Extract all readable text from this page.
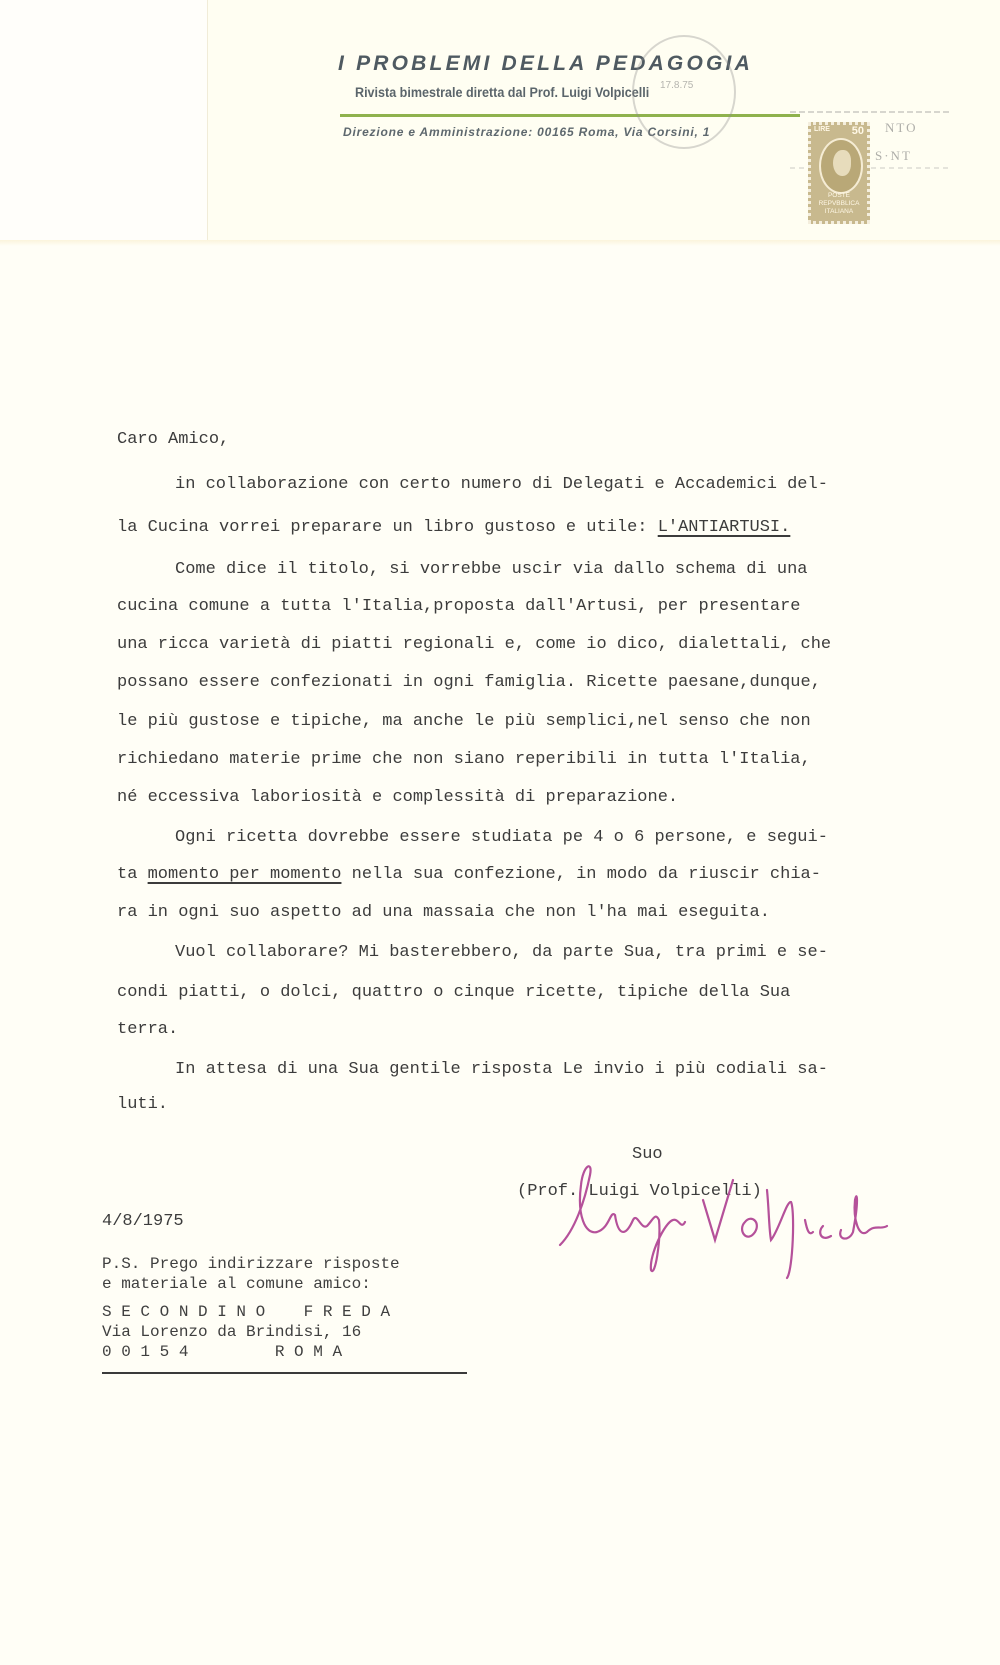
I PROBLEMI DELLA PEDAGOGIA
Rivista bimestrale diretta dal Prof. Luigi Volpicelli
Direzione e Amministrazione: 00165 Roma, Via Corsini, 1
17.8.75
NTO
S·NT
LIRE 50
POSTE
REPVBBLICA
ITALIANA
Caro Amico,
in collaborazione con certo numero di Delegati e Accademici del-
la Cucina vorrei preparare un libro gustoso e utile: L'ANTIARTUSI.
Come dice il titolo, si vorrebbe uscir via dallo schema di una
cucina comune a tutta l'Italia,proposta dall'Artusi, per presentare
una ricca varietà di piatti regionali e, come io dico, dialettali, che
possano essere confezionati in ogni famiglia. Ricette paesane,dunque,
le più gustose e tipiche, ma anche le più semplici,nel senso che non
richiedano materie prime che non siano reperibili in tutta l'Italia,
né eccessiva laboriosità e complessità di preparazione.
Ogni ricetta dovrebbe essere studiata pe 4 o 6 persone, e segui-
ta momento per momento nella sua confezione, in modo da riuscir chia-
ra in ogni suo aspetto ad una massaia che non l'ha mai eseguita.
Vuol collaborare? Mi basterebbero, da parte Sua, tra primi e se-
condi piatti, o dolci, quattro o cinque ricette, tipiche della Sua
terra.
In attesa di una Sua gentile risposta Le invio i più codiali sa-
luti.
Suo
(Prof. Luigi Volpicelli)
4/8/1975
P.S. Prego indirizzare risposte
e materiale al comune amico:
S E C O N D I N O    F R E D A
Via Lorenzo da Brindisi, 16
0 0 1 5 4         R O M A
